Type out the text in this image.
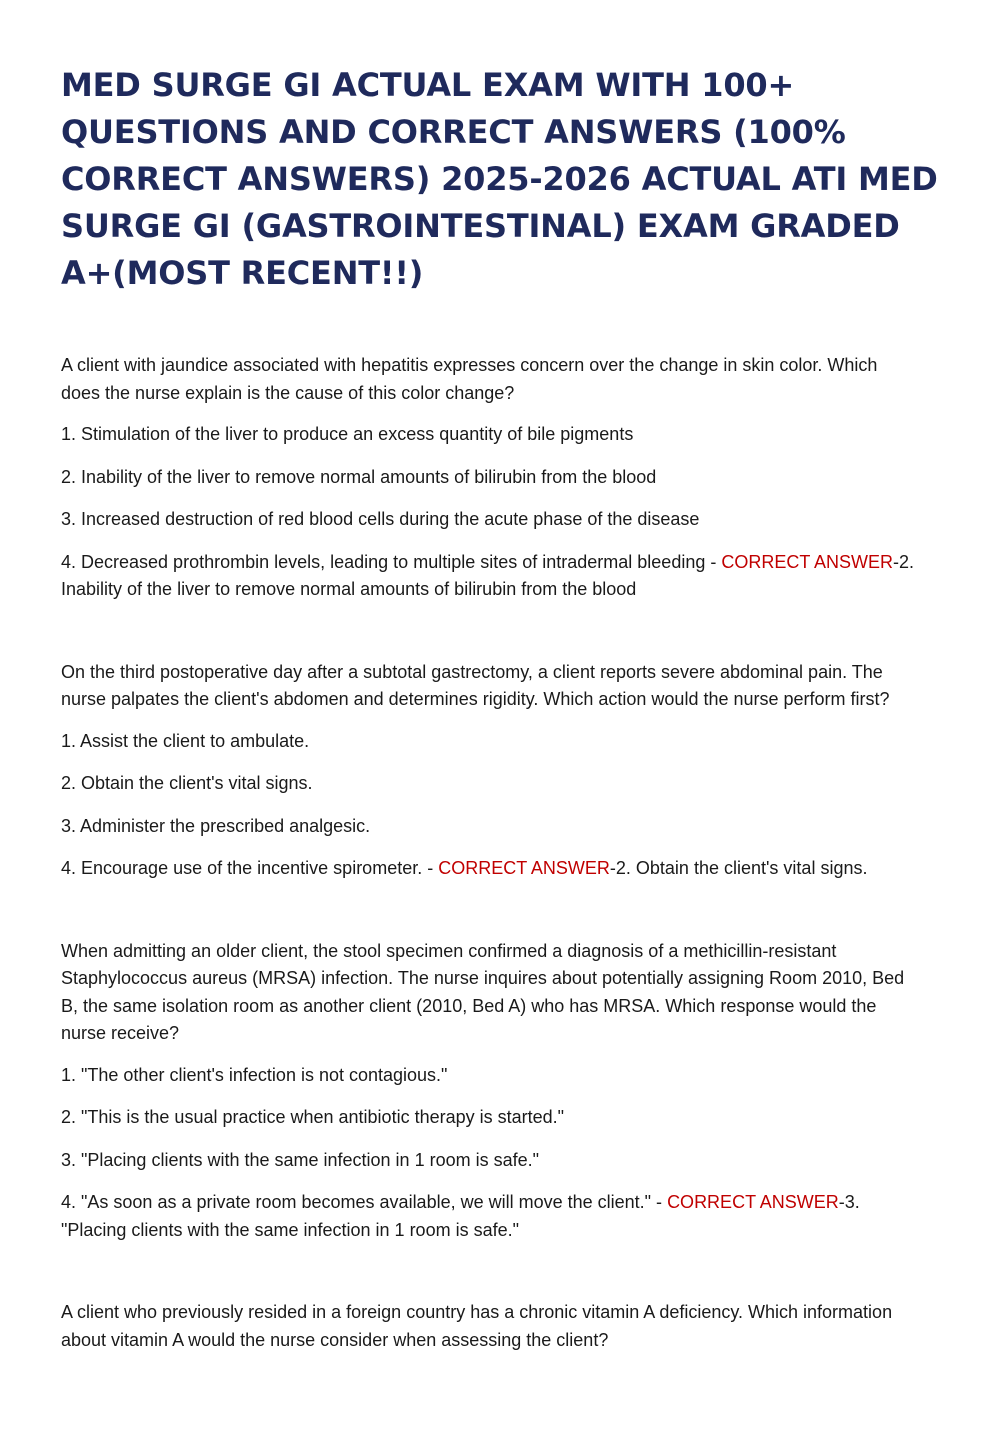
MED SURGE GI ACTUAL EXAM WITH 100+
QUESTIONS AND CORRECT ANSWERS (100%
CORRECT ANSWERS) 2025-2026 ACTUAL ATI MED
SURGE GI (GASTROINTESTINAL) EXAM GRADED
A+(MOST RECENT!!)

A client with jaundice associated with hepatitis expresses concern over the change in skin color. Which does the nurse explain is the cause of this color change?

1. Stimulation of the liver to produce an excess quantity of bile pigments

2. Inability of the liver to remove normal amounts of bilirubin from the blood

3. Increased destruction of red blood cells during the acute phase of the disease

4. Decreased prothrombin levels, leading to multiple sites of intradermal bleeding - CORRECT ANSWER-2. Inability of the liver to remove normal amounts of bilirubin from the blood

On the third postoperative day after a subtotal gastrectomy, a client reports severe abdominal pain. The nurse palpates the client's abdomen and determines rigidity. Which action would the nurse perform first?

1. Assist the client to ambulate.

2. Obtain the client's vital signs.

3. Administer the prescribed analgesic.

4. Encourage use of the incentive spirometer. - CORRECT ANSWER-2. Obtain the client's vital signs.

When admitting an older client, the stool specimen confirmed a diagnosis of a methicillin-resistant Staphylococcus aureus (MRSA) infection. The nurse inquires about potentially assigning Room 2010, Bed B, the same isolation room as another client (2010, Bed A) who has MRSA. Which response would the nurse receive?

1. "The other client's infection is not contagious."

2. "This is the usual practice when antibiotic therapy is started."

3. "Placing clients with the same infection in 1 room is safe."

4. "As soon as a private room becomes available, we will move the client." - CORRECT ANSWER-3. "Placing clients with the same infection in 1 room is safe."

A client who previously resided in a foreign country has a chronic vitamin A deficiency. Which information about vitamin A would the nurse consider when assessing the client?
